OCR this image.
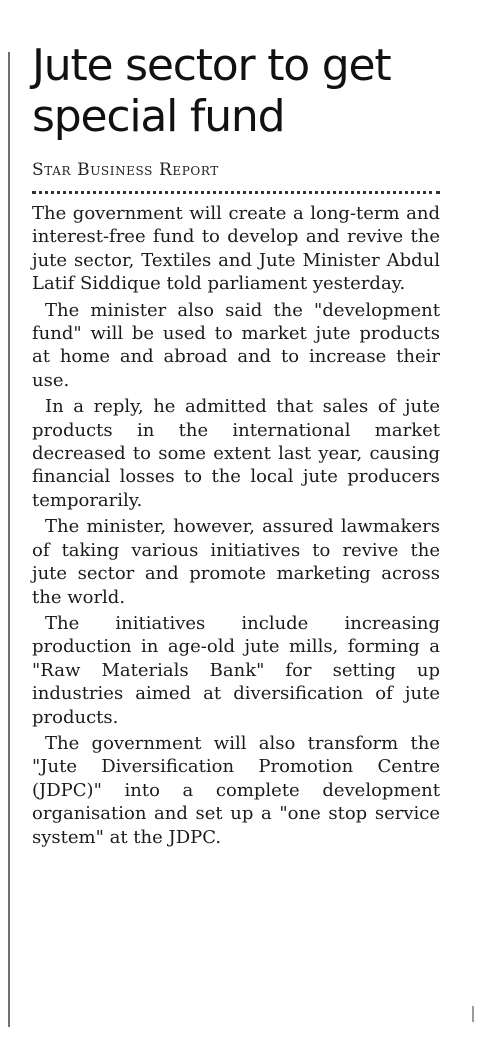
Jute sector to get special fund
Star Business Report

The government will create a long-term and interest-free fund to develop and revive the jute sector, Textiles and Jute Minister Abdul Latif Siddique told parliament yesterday.

The minister also said the "development fund" will be used to market jute products at home and abroad and to increase their use.

In a reply, he admitted that sales of jute products in the international market decreased to some extent last year, causing financial losses to the local jute producers temporarily.

The minister, however, assured lawmakers of taking various initiatives to revive the jute sector and promote marketing across the world.

The initiatives include increasing production in age-old jute mills, forming a "Raw Materials Bank" for setting up industries aimed at diversification of jute products.

The government will also transform the "Jute Diversification Promotion Centre (JDPC)" into a complete development organisation and set up a "one stop service system" at the JDPC.
